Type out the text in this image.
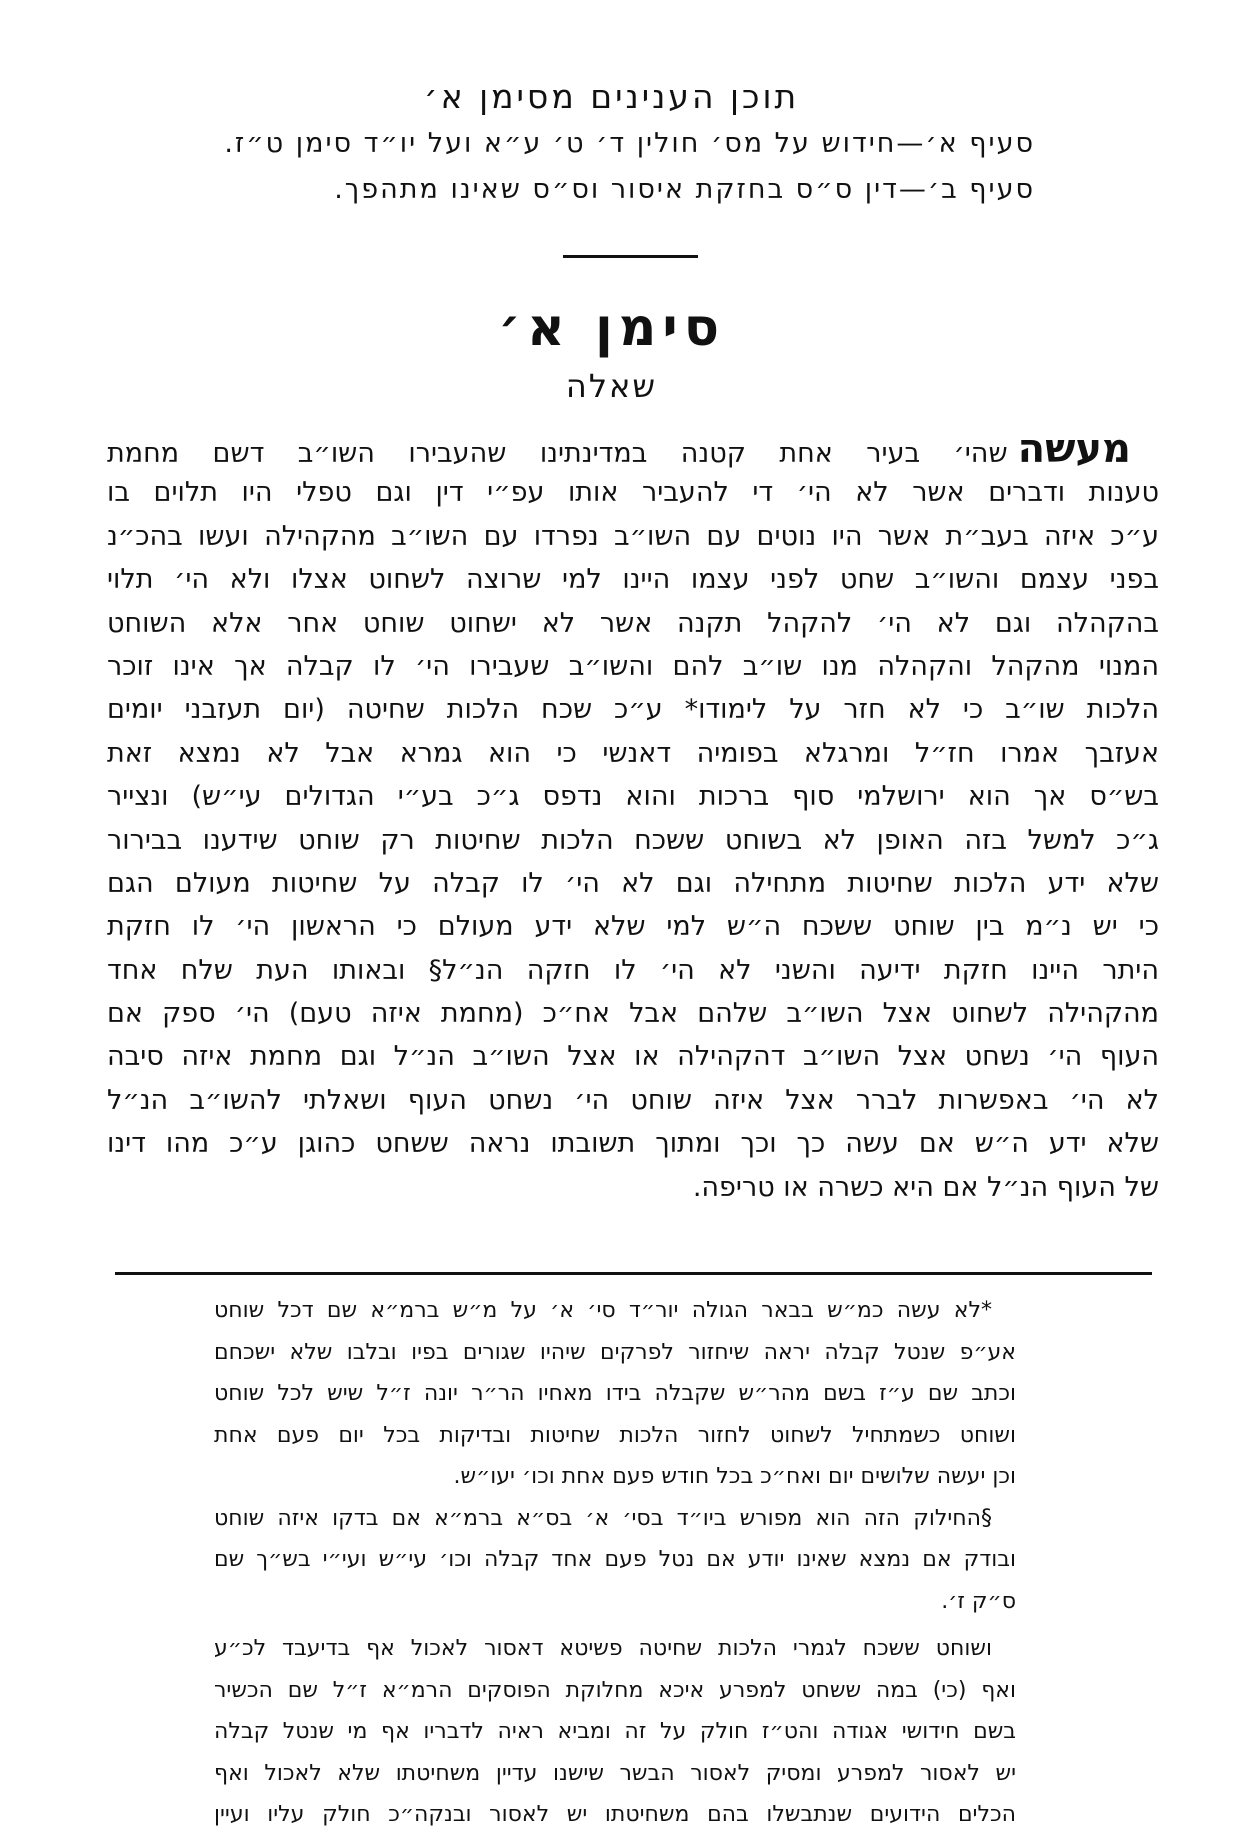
תוכן הענינים מסימן א׳
סעיף א׳—חידוש על מס׳ חולין ד׳ ט׳ ע״א ועל יו״ד סימן ט״ז.
סעיף ב׳—דין ס״ס בחזקת איסור וס״ס שאינו מתהפך.
סימן א׳
שאלה
מעשהשהי׳ בעיר אחת קטנה במדינתינו שהעבירו השו״ב דשם מחמת
טענות ודברים אשר לא הי׳ די להעביר אותו עפ״י דין וגם טפלי היו תלוים בו
ע״כ איזה בעב״ת אשר היו נוטים עם השו״ב נפרדו עם השו״ב מהקהילה ועשו בהכ״נ
בפני עצמם והשו״ב שחט לפני עצמו היינו למי שרוצה לשחוט אצלו ולא הי׳ תלוי
בהקהלה וגם לא הי׳ להקהל תקנה אשר לא ישחוט שוחט אחר אלא השוחט
המנוי מהקהל והקהלה מנו שו״ב להם והשו״ב שעבירו הי׳ לו קבלה אך אינו זוכר
הלכות שו״ב כי לא חזר על לימודו* ע״כ שכח הלכות שחיטה (יום תעזבני יומים
אעזבך אמרו חז״ל ומרגלא בפומיה דאנשי כי הוא גמרא אבל לא נמצא זאת
בש״ס אך הוא ירושלמי סוף ברכות והוא נדפס ג״כ בע״י הגדולים עי״ש) ונצייר
ג״כ למשל בזה האופן לא בשוחט ששכח הלכות שחיטות רק שוחט שידענו בבירור
שלא ידע הלכות שחיטות מתחילה וגם לא הי׳ לו קבלה על שחיטות מעולם הגם
כי יש נ״מ בין שוחט ששכח ה״ש למי שלא ידע מעולם כי הראשון הי׳ לו חזקת
היתר היינו חזקת ידיעה והשני לא הי׳ לו חזקה הנ״ל§ ובאותו העת שלח אחד
מהקהילה לשחוט אצל השו״ב שלהם אבל אח״כ (מחמת איזה טעם) הי׳ ספק אם
העוף הי׳ נשחט אצל השו״ב דהקהילה או אצל השו״ב הנ״ל וגם מחמת איזה סיבה
לא הי׳ באפשרות לברר אצל איזה שוחט הי׳ נשחט העוף ושאלתי להשו״ב הנ״ל
שלא ידע ה״ש אם עשה כך וכך ומתוך תשובתו נראה ששחט כהוגן ע״כ מהו דינו
של העוף הנ״ל אם היא כשרה או טריפה.
*לא עשה כמ״ש בבאר הגולה יור״ד סי׳ א׳ על מ״ש ברמ״א שם דכל שוחט
אע״פ שנטל קבלה יראה שיחזור לפרקים שיהיו שגורים בפיו ובלבו שלא ישכחם
וכתב שם ע״ז בשם מהר״ש שקבלה בידו מאחיו הר״ר יונה ז״ל שיש לכל שוחט
ושוחט כשמתחיל לשחוט לחזור הלכות שחיטות ובדיקות בכל יום פעם אחת
וכן יעשה שלושים יום ואח״כ בכל חודש פעם אחת וכו׳ יעו״ש.
§החילוק הזה הוא מפורש ביו״ד בסי׳ א׳ בס״א ברמ״א אם בדקו איזה שוחט
ובודק אם נמצא שאינו יודע אם נטל פעם אחד קבלה וכו׳ עי״ש ועי״י בש״ך שם
ס״ק ז׳.
ושוחט ששכח לגמרי הלכות שחיטה פשיטא דאסור לאכול אף בדיעבד לכ״ע
ואף (כי) במה ששחט למפרע איכא מחלוקת הפוסקים הרמ״א ז״ל שם הכשיר
בשם חידושי אגודה והט״ז חולק על זה ומביא ראיה לדבריו אף מי שנטל קבלה
יש לאסור למפרע ומסיק לאסור הבשר שישנו עדיין משחיטתו שלא לאכול ואף
הכלים הידועים שנתבשלו בהם משחיטתו יש לאסור ובנקה״כ חולק עליו ועיין
